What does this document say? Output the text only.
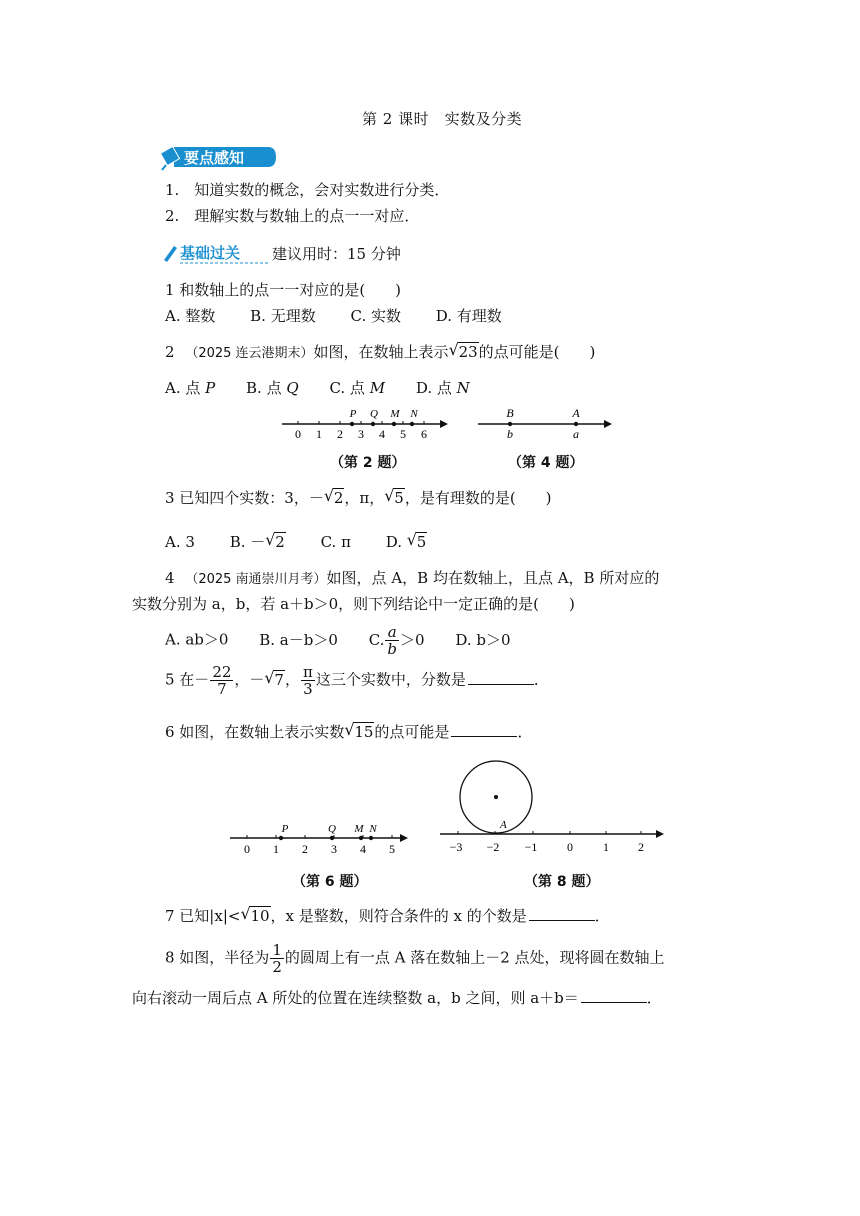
第 2 课时　实数及分类
要点感知
1.　知道实数的概念，会对实数进行分类．
2.　理解实数与数轴上的点一一对应．
基础过关 建议用时：15 分钟
1 和数轴上的点一一对应的是(　　)
A. 整数 B. 无理数 C. 实数 D. 有理数
2 （2025 连云港期末）如图，在数轴上表示 √ 23的点可能是(　　)
A. 点 P B. 点 Q C. 点 M D. 点 N
0 1 2 3 4 5 6
P Q M N	B	A
b	a
（第 2 题）	（第 4 题）
3 已知四个实数：3，－ √ 2，π， √ 5，是有理数的是(　　)
A. 3 B. － √ 2 C. π D. √ 5
4 （2025 南通崇川月考）如图，点 A，B 均在数轴上，且点 A，B 所对应的
实数分别为 a，b，若 a＋b＞0，则下列结论中一定正确的是(　　)
A. ab＞0 B. a－b＞0 C. $\frac{a}{b} >0$ D. b＞0
5 在－ $\frac{22}{7}$ ，－ √ 7， $\frac{\pi}{3}$ 这三个实数中，分数是	．
6 如图，在数轴上表示实数 √ 15的点可能是	．
0 1 2 3 4 5
P	Q M N
−3 −2 −1 0	1 2
A
（第 6 题）	（第 8 题）
7 已知|x|< √ 10，x 是整数，则符合条件的 x 的个数是	．
8 如图，半径为 $\frac{1}{2}$ 的圆周上有一点 A 落在数轴上－2 点处，现将圆在数轴上
向右滚动一周后点 A 所处的位置在连续整数 a，b 之间，则 a＋b＝	．
